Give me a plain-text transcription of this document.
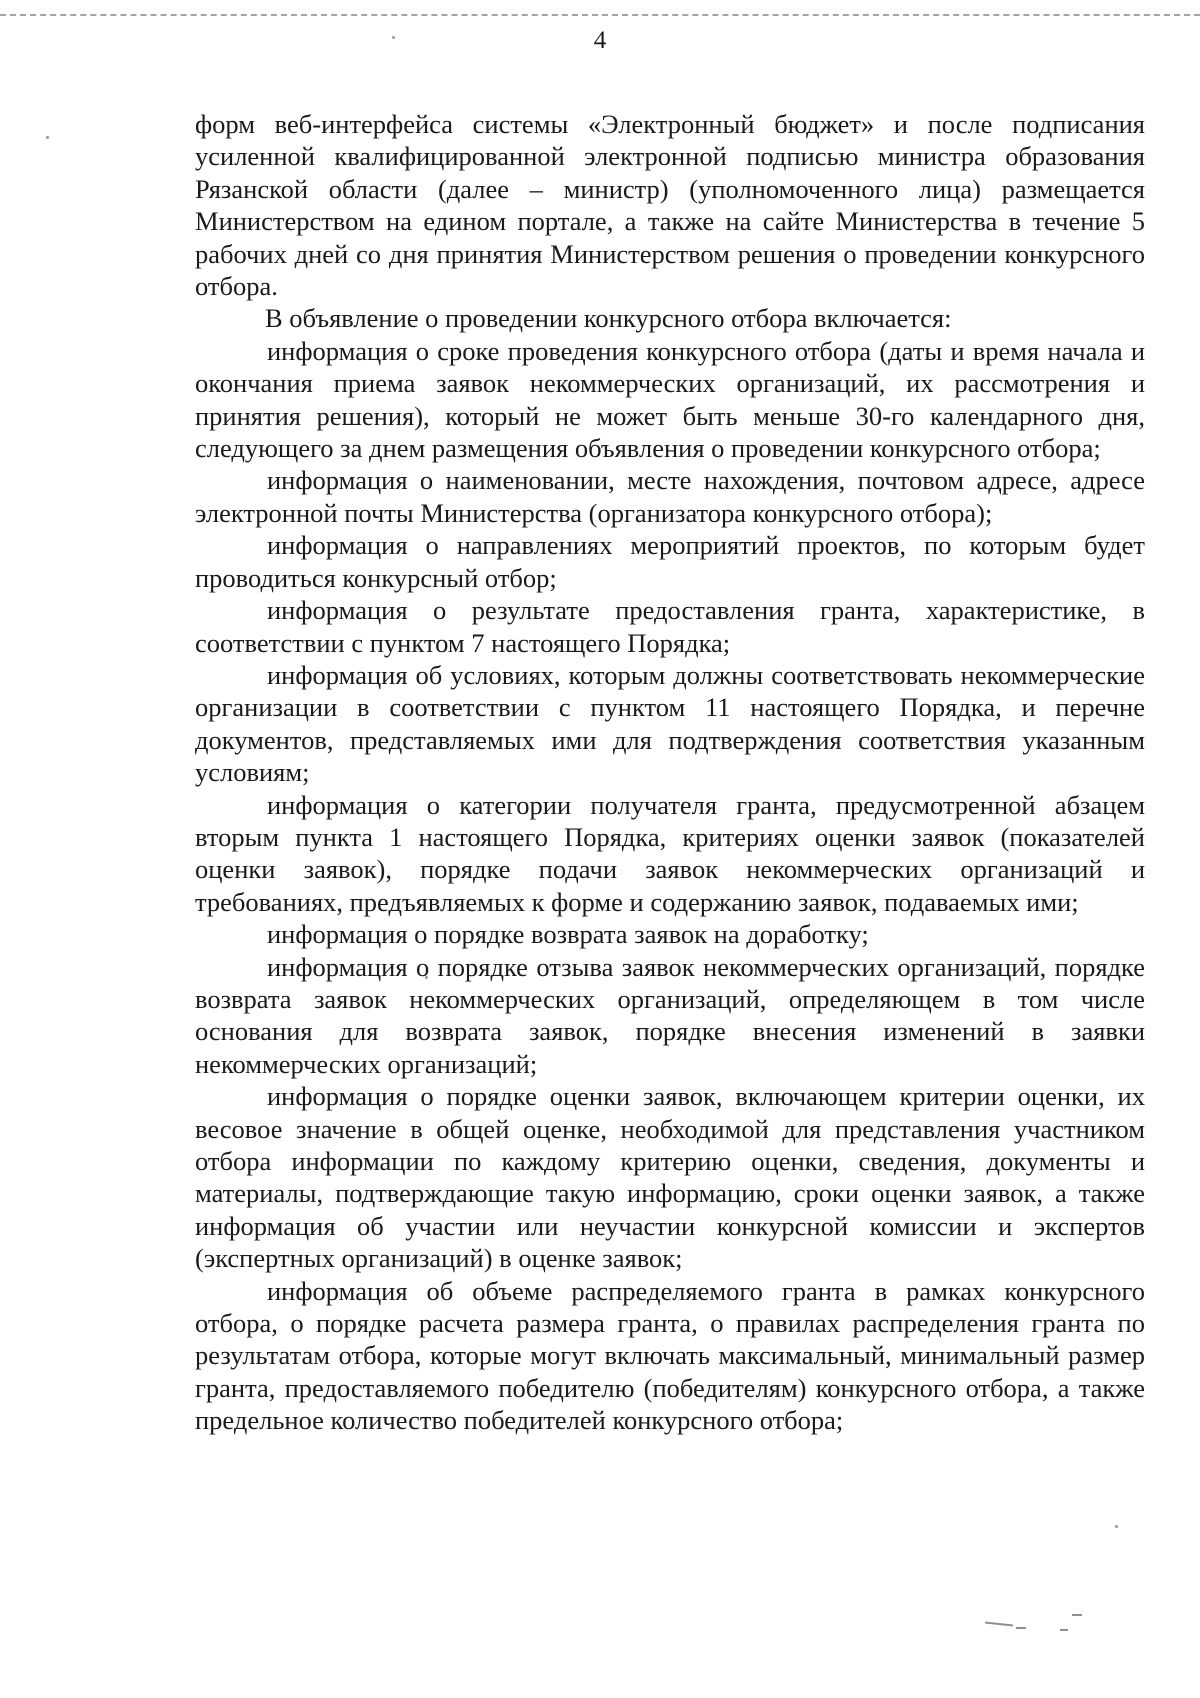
4

форм веб-интерфейса системы «Электронный бюджет» и после подписания усиленной квалифицированной электронной подписью министра образования Рязанской области (далее – министр) (уполномоченного лица) размещается Министерством на едином портале, а также на сайте Министерства в течение 5 рабочих дней со дня принятия Министерством решения о проведении конкурсного отбора.

В объявление о проведении конкурсного отбора включается:

информация о сроке проведения конкурсного отбора (даты и время начала и окончания приема заявок некоммерческих организаций, их рассмотрения и принятия решения), который не может быть меньше 30-го календарного дня, следующего за днем размещения объявления о проведении конкурсного отбора;

информация о наименовании, месте нахождения, почтовом адресе, адресе электронной почты Министерства (организатора конкурсного отбора);

информация о направлениях мероприятий проектов, по которым будет проводиться конкурсный отбор;

информация о результате предоставления гранта, характеристике, в соответствии с пунктом 7 настоящего Порядка;

информация об условиях, которым должны соответствовать некоммерческие организации в соответствии с пунктом 11 настоящего Порядка, и перечне документов, представляемых ими для подтверждения соответствия указанным условиям;

информация о категории получателя гранта, предусмотренной абзацем вторым пункта 1 настоящего Порядка, критериях оценки заявок (показателей оценки заявок), порядке подачи заявок некоммерческих организаций и требованиях, предъявляемых к форме и содержанию заявок, подаваемых ими;

информация о порядке возврата заявок на доработку;

информация о порядке отзыва заявок некоммерческих организаций, порядке возврата заявок некоммерческих организаций, определяющем в том числе основания для возврата заявок, порядке внесения изменений в заявки некоммерческих организаций;

информация о порядке оценки заявок, включающем критерии оценки, их весовое значение в общей оценке, необходимой для представления участником отбора информации по каждому критерию оценки, сведения, документы и материалы, подтверждающие такую информацию, сроки оценки заявок, а также информация об участии или неучастии конкурсной комиссии и экспертов (экспертных организаций) в оценке заявок;

информация об объеме распределяемого гранта в рамках конкурсного отбора, о порядке расчета размера гранта, о правилах распределения гранта по результатам отбора, которые могут включать максимальный, минимальный размер гранта, предоставляемого победителю (победителям) конкурсного отбора, а также предельное количество победителей конкурсного отбора;
